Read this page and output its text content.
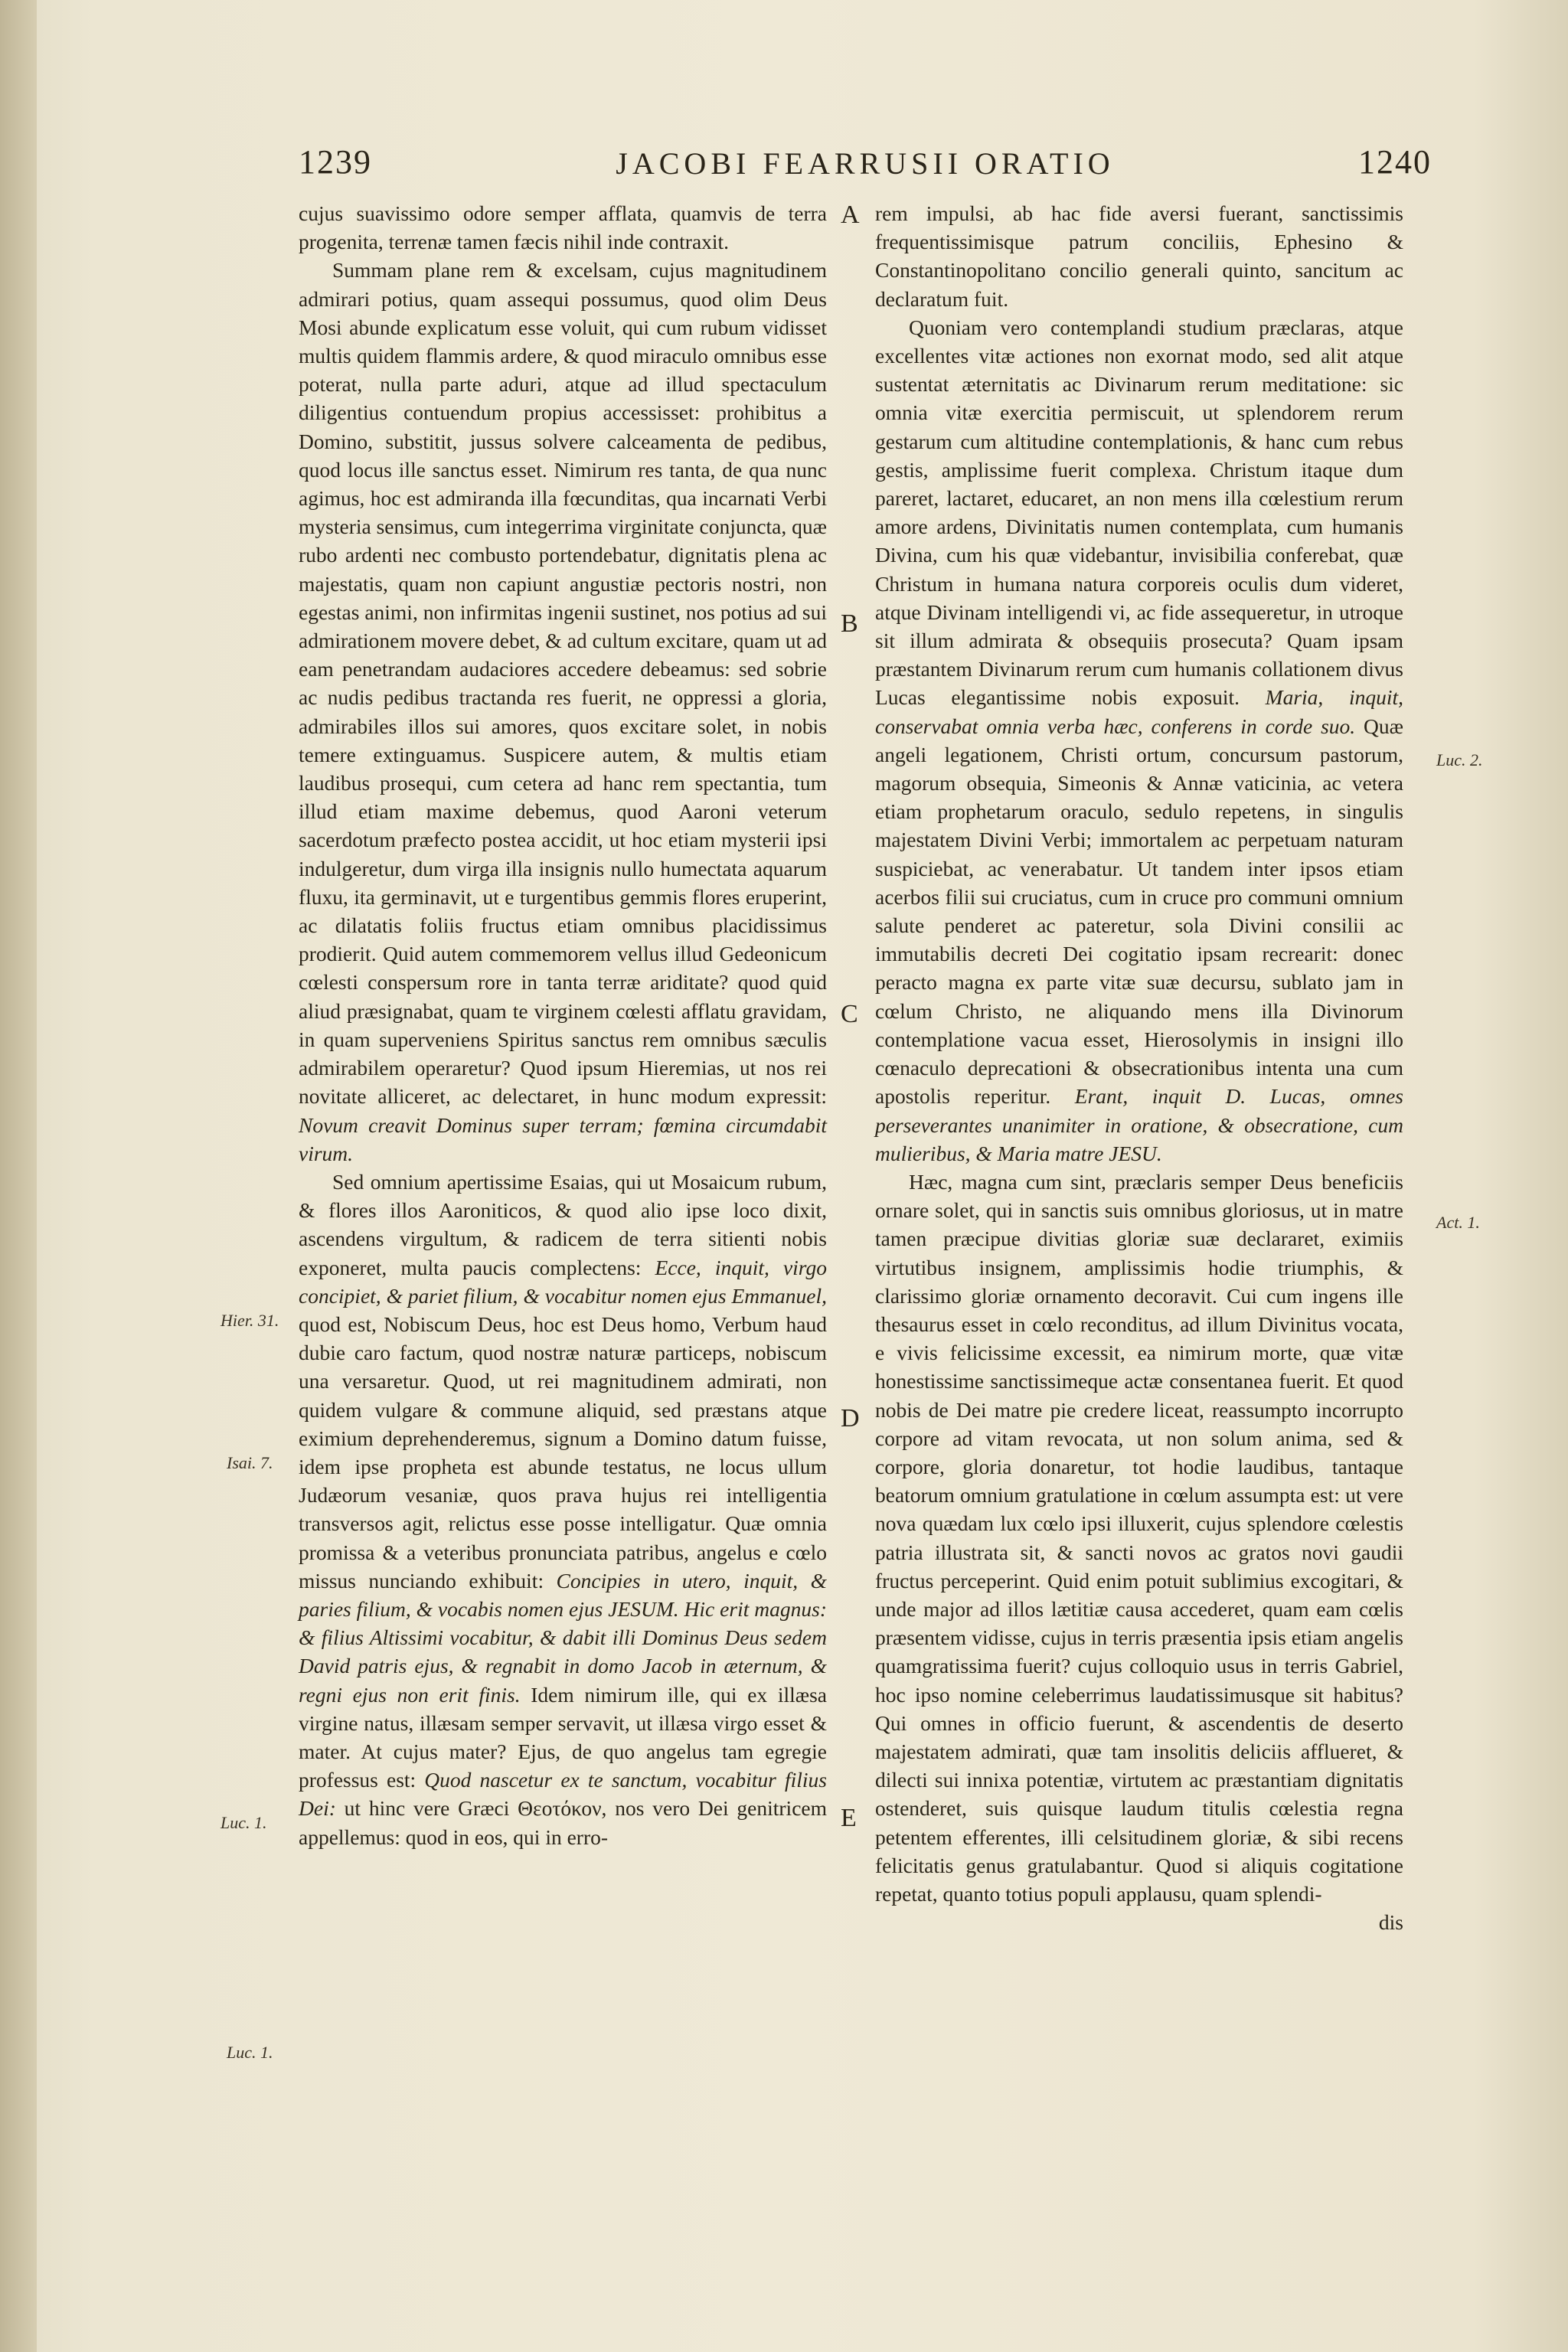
1239	JACOBI FEARRUSII ORATIO	1240
A
B
C
D
E
Hier. 31.
Isai. 7.
Luc. 1.
Luc. 1.
Luc. 2.
Act. 1.

cujus suavissimo odore semper afflata, quamvis de terra progenita, terrenæ tamen fæcis nihil inde contraxit.

Summam plane rem & excelsam, cujus magnitudinem admirari potius, quam assequi possumus, quod olim Deus Mosi abunde explicatum esse voluit, qui cum rubum vidisset multis quidem flammis ardere, & quod miraculo omnibus esse poterat, nulla parte aduri, atque ad illud spectaculum diligentius contuendum propius accessisset: prohibitus a Domino, substitit, jussus solvere calceamenta de pedibus, quod locus ille sanctus esset. Nimirum res tanta, de qua nunc agimus, hoc est admiranda illa fœcunditas, qua incarnati Verbi mysteria sensimus, cum integerrima virginitate conjuncta, quæ rubo ardenti nec combusto portendebatur, dignitatis plena ac majestatis, quam non capiunt angustiæ pectoris nostri, non egestas animi, non infirmitas ingenii sustinet, nos potius ad sui admirationem movere debet, & ad cultum excitare, quam ut ad eam penetrandam audaciores accedere debeamus: sed sobrie ac nudis pedibus tractanda res fuerit, ne oppressi a gloria, admirabiles illos sui amores, quos excitare solet, in nobis temere extinguamus. Suspicere autem, & multis etiam laudibus prosequi, cum cetera ad hanc rem spectantia, tum illud etiam maxime debemus, quod Aaroni veterum sacerdotum præfecto postea accidit, ut hoc etiam mysterii ipsi indulgeretur, dum virga illa insignis nullo humectata aquarum fluxu, ita germinavit, ut e turgentibus gemmis flores eruperint, ac dilatatis foliis fructus etiam omnibus placidissimus prodierit. Quid autem commemorem vellus illud Gedeonicum cœlesti conspersum rore in tanta terræ ariditate? quod quid aliud præsignabat, quam te virginem cœlesti afflatu gravidam, in quam superveniens Spiritus sanctus rem omnibus sæculis admirabilem operaretur? Quod ipsum Hieremias, ut nos rei novitate alliceret, ac delectaret, in hunc modum expressit: Novum creavit Dominus super terram; fœmina circumdabit virum.

Sed omnium apertissime Esaias, qui ut Mosaicum rubum, & flores illos Aaroniticos, & quod alio ipse loco dixit, ascendens virgultum, & radicem de terra sitienti nobis exponeret, multa paucis complectens: Ecce, inquit, virgo concipiet, & pariet filium, & vocabitur nomen ejus Emmanuel, quod est, Nobiscum Deus, hoc est Deus homo, Verbum haud dubie caro factum, quod nostræ naturæ particeps, nobiscum una versaretur. Quod, ut rei magnitudinem admirati, non quidem vulgare & commune aliquid, sed præstans atque eximium deprehenderemus, signum a Domino datum fuisse, idem ipse propheta est abunde testatus, ne locus ullum Judæorum vesaniæ, quos prava hujus rei intelligentia transversos agit, relictus esse posse intelligatur. Quæ omnia promissa & a veteribus pronunciata patribus, angelus e cœlo missus nunciando exhibuit: Concipies in utero, inquit, & paries filium, & vocabis nomen ejus JESUM. Hic erit magnus: & filius Altissimi vocabitur, & dabit illi Dominus Deus sedem David patris ejus, & regnabit in domo Jacob in æternum, & regni ejus non erit finis. Idem nimirum ille, qui ex illæsa virgine natus, illæsam semper servavit, ut illæsa virgo esset & mater. At cujus mater? Ejus, de quo angelus tam egregie professus est: Quod nascetur ex te sanctum, vocabitur filius Dei: ut hinc vere Græci Θεοτόκον, nos vero Dei genitricem appellemus: quod in eos, qui in erro-

rem impulsi, ab hac fide aversi fuerant, sanctissimis frequentissimisque patrum conciliis, Ephesino & Constantinopolitano concilio generali quinto, sancitum ac declaratum fuit.

Quoniam vero contemplandi studium præclaras, atque excellentes vitæ actiones non exornat modo, sed alit atque sustentat æternitatis ac Divinarum rerum meditatione: sic omnia vitæ exercitia permiscuit, ut splendorem rerum gestarum cum altitudine contemplationis, & hanc cum rebus gestis, amplissime fuerit complexa. Christum itaque dum pareret, lactaret, educaret, an non mens illa cœlestium rerum amore ardens, Divinitatis numen contemplata, cum humanis Divina, cum his quæ videbantur, invisibilia conferebat, quæ Christum in humana natura corporeis oculis dum videret, atque Divinam intelligendi vi, ac fide assequeretur, in utroque sit illum admirata & obsequiis prosecuta? Quam ipsam præstantem Divinarum rerum cum humanis collationem divus Lucas elegantissime nobis exposuit. Maria, inquit, conservabat omnia verba hæc, conferens in corde suo. Quæ angeli legationem, Christi ortum, concursum pastorum, magorum obsequia, Simeonis & Annæ vaticinia, ac vetera etiam prophetarum oraculo, sedulo repetens, in singulis majestatem Divini Verbi; immortalem ac perpetuam naturam suspiciebat, ac venerabatur. Ut tandem inter ipsos etiam acerbos filii sui cruciatus, cum in cruce pro communi omnium salute penderet ac pateretur, sola Divini consilii ac immutabilis decreti Dei cogitatio ipsam recrearit: donec peracto magna ex parte vitæ suæ decursu, sublato jam in cœlum Christo, ne aliquando mens illa Divinorum contemplatione vacua esset, Hierosolymis in insigni illo cœnaculo deprecationi & obsecrationibus intenta una cum apostolis reperitur. Erant, inquit D. Lucas, omnes perseverantes unanimiter in oratione, & obsecratione, cum mulieribus, & Maria matre JESU.

Hæc, magna cum sint, præclaris semper Deus beneficiis ornare solet, qui in sanctis suis omnibus gloriosus, ut in matre tamen præcipue divitias gloriæ suæ declararet, eximiis virtutibus insignem, amplissimis hodie triumphis, & clarissimo gloriæ ornamento decoravit. Cui cum ingens ille thesaurus esset in cœlo reconditus, ad illum Divinitus vocata, e vivis felicissime excessit, ea nimirum morte, quæ vitæ honestissime sanctissimeque actæ consentanea fuerit. Et quod nobis de Dei matre pie credere liceat, reassumpto incorrupto corpore ad vitam revocata, ut non solum anima, sed & corpore, gloria donaretur, tot hodie laudibus, tantaque beatorum omnium gratulatione in cœlum assumpta est: ut vere nova quædam lux cœlo ipsi illuxerit, cujus splendore cœlestis patria illustrata sit, & sancti novos ac gratos novi gaudii fructus perceperint. Quid enim potuit sublimius excogitari, & unde major ad illos lætitiæ causa accederet, quam eam cœlis præsentem vidisse, cujus in terris præsentia ipsis etiam angelis quamgratissima fuerit? cujus colloquio usus in terris Gabriel, hoc ipso nomine celeberrimus laudatissimusque sit habitus? Qui omnes in officio fuerunt, & ascendentis de deserto majestatem admirati, quæ tam insolitis deliciis afflueret, & dilecti sui innixa potentiæ, virtutem ac præstantiam dignitatis ostenderet, suis quisque laudum titulis cœlestia regna petentem efferentes, illi celsitudinem gloriæ, & sibi recens felicitatis genus gratulabantur. Quod si aliquis cogitatione repetat, quanto totius populi applausu, quam splendi-

dis
